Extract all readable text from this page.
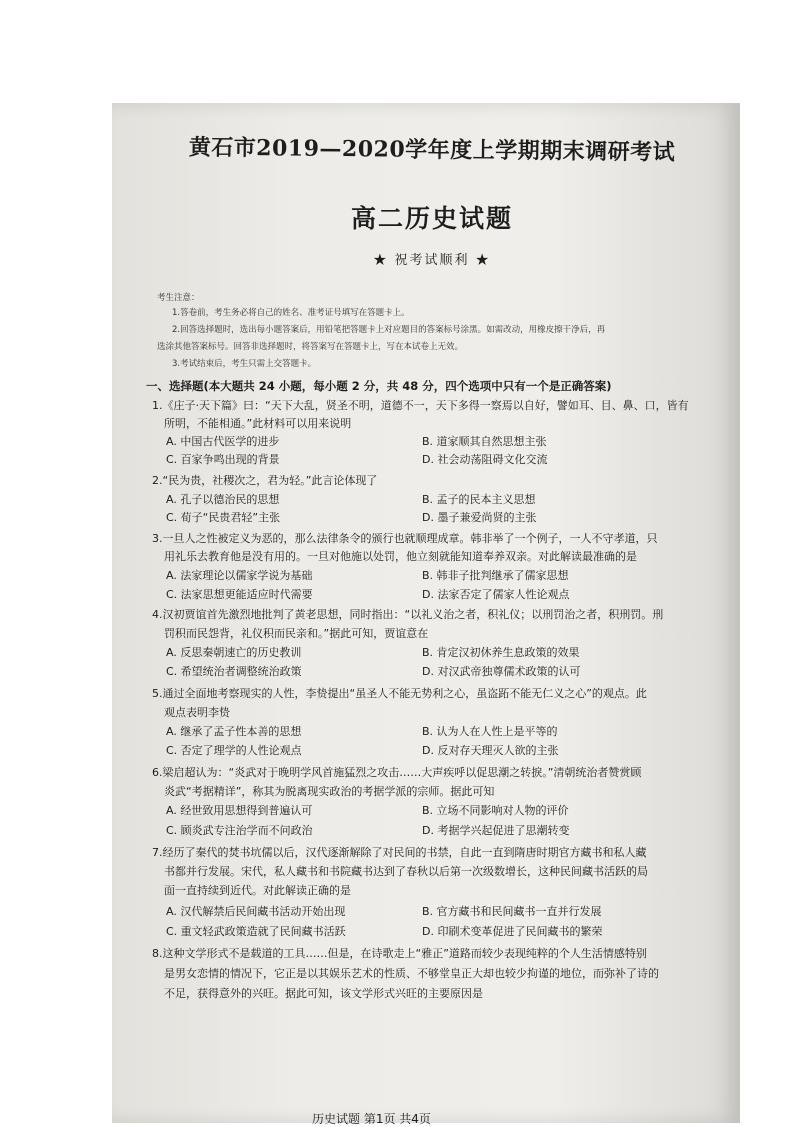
黄石市2019—2020学年度上学期期末调研考试
高二历史试题
★ 祝考试顺利 ★
考生注意：
1.答卷前，考生务必将自己的姓名、准考证号填写在答题卡上。
2.回答选择题时，选出每小题答案后，用铅笔把答题卡上对应题目的答案标号涂黑。如需改动，用橡皮擦干净后，再
选涂其他答案标号。回答非选择题时，将答案写在答题卡上，写在本试卷上无效。
3.考试结束后，考生只需上交答题卡。
一、选择题(本大题共 24 小题，每小题 2 分，共 48 分，四个选项中只有一个是正确答案)
1.《庄子·天下篇》曰：“天下大乱，贤圣不明，道德不一，天下多得一察焉以自好，譬如耳、目、鼻、口，皆有
所明，不能相通。”此材料可以用来说明
A. 中国古代医学的进步	B. 道家顺其自然思想主张
C. 百家争鸣出现的背景	D. 社会动荡阻碍文化交流
2.“民为贵，社稷次之，君为轻。”此言论体现了
A. 孔子以德治民的思想	B. 孟子的民本主义思想
C. 荀子“民贵君轻”主张	D. 墨子兼爱尚贤的主张
3.一旦人之性被定义为恶的，那么法律条令的颁行也就顺理成章。韩非举了一个例子，一人不守孝道，只
用礼乐去教育他是没有用的。一旦对他施以处罚，他立刻就能知道奉养双亲。对此解读最准确的是
A. 法家理论以儒家学说为基础	B. 韩非子批判继承了儒家思想
C. 法家思想更能适应时代需要	D. 法家否定了儒家人性论观点
4.汉初贾谊首先激烈地批判了黄老思想，同时指出：“以礼义治之者，积礼仪；以刑罚治之者，积刑罚。刑
罚积而民怨背，礼仪积而民亲和。”据此可知，贾谊意在
A. 反思秦朝速亡的历史教训	B. 肯定汉初休养生息政策的效果
C. 希望统治者调整统治政策	D. 对汉武帝独尊儒术政策的认可
5.通过全面地考察现实的人性，李贽提出“虽圣人不能无势利之心，虽盗跖不能无仁义之心”的观点。此
观点表明李贽
A. 继承了孟子性本善的思想	B. 认为人在人性上是平等的
C. 否定了理学的人性论观点	D. 反对存天理灭人欲的主张
6.梁启超认为：“炎武对于晚明学风首施猛烈之攻击……大声疾呼以促思潮之转捩。”清朝统治者赞赏顾
炎武“考据精详”，称其为脱离现实政治的考据学派的宗师。据此可知
A. 经世致用思想得到普遍认可	B. 立场不同影响对人物的评价
C. 顾炎武专注治学而不问政治	D. 考据学兴起促进了思潮转变
7.经历了秦代的焚书坑儒以后，汉代逐渐解除了对民间的书禁，自此一直到隋唐时期官方藏书和私人藏
书都并行发展。宋代，私人藏书和书院藏书达到了春秋以后第一次级数增长，这种民间藏书活跃的局
面一直持续到近代。对此解读正确的是
A. 汉代解禁后民间藏书活动开始出现	B. 官方藏书和民间藏书一直并行发展
C. 重文轻武政策造就了民间藏书活跃	D. 印刷术变革促进了民间藏书的繁荣
8.这种文学形式不是载道的工具……但是，在诗歌走上“雅正”道路而较少表现纯粹的个人生活情感特别
是男女恋情的情况下，它正是以其娱乐艺术的性质、不够堂皇正大却也较少拘谨的地位，而弥补了诗的
不足，获得意外的兴旺。据此可知，该文学形式兴旺的主要原因是
历史试题 第1页 共4页
